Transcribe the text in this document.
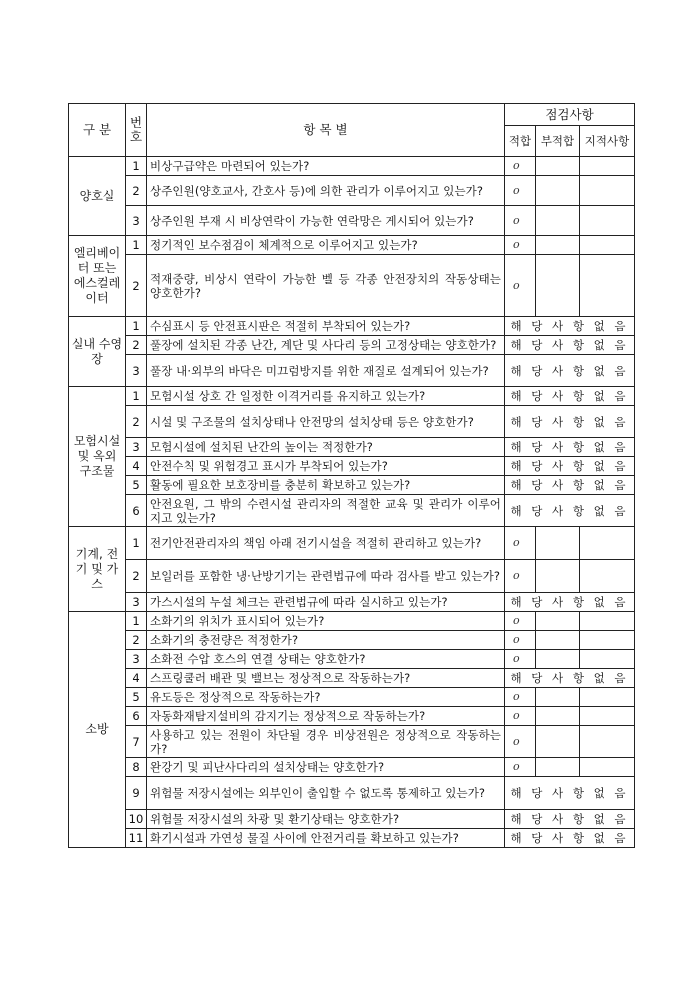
구 분	번호	항 목 별	점검사항		
			적합	부적합	지적사항
양호실	1	비상구급약은 마련되어 있는가?	o		
	2	상주인원(양호교사, 간호사 등)에 의한 관리가 이루어지고 있는가?	o		
	3	상주인원 부재 시 비상연락이 가능한 연락망은 게시되어 있는가?	o		
엘리베이터 또는 에스컬레이터	1	정기적인 보수점검이 체계적으로 이루어지고 있는가?	o		
	2	적재중량, 비상시 연락이 가능한 벨 등 각종 안전장치의 작동상태는 양호한가?	o		
실내 수영장	1	수심표시 등 안전표시판은 적절히 부착되어 있는가?	해 당 사 항 없 음		
	2	풀장에 설치된 각종 난간, 계단 및 사다리 등의 고정상태는 양호한가?	해 당 사 항 없 음		
	3	풀장 내·외부의 바닥은 미끄럼방지를 위한 재질로 설계되어 있는가?	해 당 사 항 없 음		
모험시설 및 옥외 구조물	1	모험시설 상호 간 일정한 이격거리를 유지하고 있는가?	해 당 사 항 없 음		
	2	시설 및 구조물의 설치상태나 안전망의 설치상태 등은 양호한가?	해 당 사 항 없 음		
	3	모험시설에 설치된 난간의 높이는 적정한가?	해 당 사 항 없 음		
	4	안전수칙 및 위험경고 표시가 부착되어 있는가?	해 당 사 항 없 음		
	5	활동에 필요한 보호장비를 충분히 확보하고 있는가?	해 당 사 항 없 음		
	6	안전요원, 그 밖의 수련시설 관리자의 적절한 교육 및 관리가 이루어지고 있는가?	해 당 사 항 없 음		
기계, 전기 및 가스	1	전기안전관리자의 책임 아래 전기시설을 적절히 관리하고 있는가?	o		
	2	보일러를 포함한 냉·난방기기는 관련법규에 따라 검사를 받고 있는가?	o		
	3	가스시설의 누설 체크는 관련법규에 따라 실시하고 있는가?	해 당 사 항 없 음		
소방	1	소화기의 위치가 표시되어 있는가?	o		
	2	소화기의 충전량은 적정한가?	o		
	3	소화전 수압 호스의 연결 상태는 양호한가?	o		
	4	스프링쿨러 배관 및 밸브는 정상적으로 작동하는가?	해 당 사 항 없 음		
	5	유도등은 정상적으로 작동하는가?	o		
	6	자동화재탐지설비의 감지기는 정상적으로 작동하는가?	o		
	7	사용하고 있는 전원이 차단될 경우 비상전원은 정상적으로 작동하는가?	o		
	8	완강기 및 피난사다리의 설치상태는 양호한가?	o		
	9	위험물 저장시설에는 외부인이 출입할 수 없도록 통제하고 있는가?	해 당 사 항 없 음		
	10	위험물 저장시설의 차광 및 환기상태는 양호한가?	해 당 사 항 없 음		
	11	화기시설과 가연성 물질 사이에 안전거리를 확보하고 있는가?	해 당 사 항 없 음		
